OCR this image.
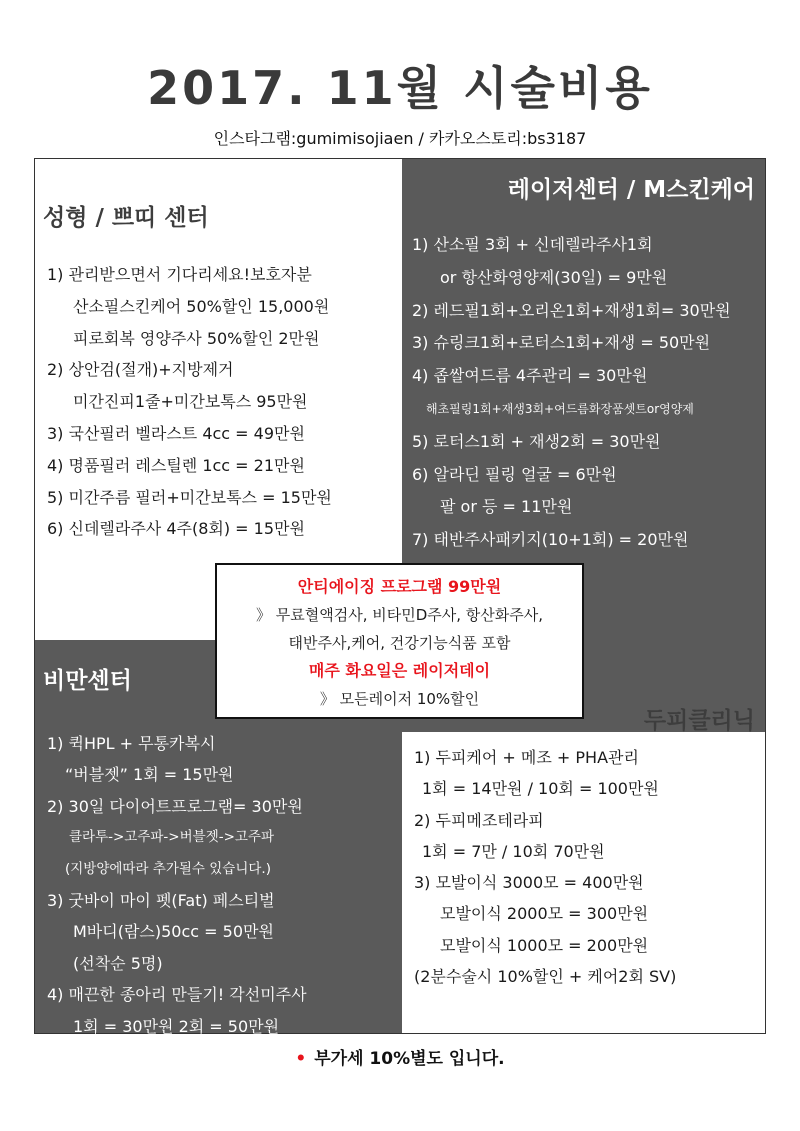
2017. 11월 시술비용
인스타그램:gumimisojiaen / 카카오스토리:bs3187
성형 / 쁘띠 센터
1) 관리받으면서 기다리세요!보호자분
산소필스킨케어 50%할인 15,000원
피로회복 영양주사 50%할인 2만원
2) 상안검(절개)+지방제거
미간진피1줄+미간보톡스 95만원
3) 국산필러 벨라스트 4cc = 49만원
4) 명품필러 레스틸렌 1cc = 21만원
5) 미간주름 필러+미간보톡스 = 15만원
6) 신데렐라주사 4주(8회) = 15만원
레이저센터 / M스킨케어
1) 산소필 3회 + 신데렐라주사1회
or 항산화영양제(30일) = 9만원
2) 레드필1회+오리온1회+재생1회= 30만원
3) 슈링크1회+로터스1회+재생 = 50만원
4) 좁쌀여드름 4주관리 = 30만원
해초필링1회+재생3회+여드름화장품셋트or영양제
5) 로터스1회 + 재생2회 = 30만원
6) 알라딘 필링 얼굴 = 6만원
팔 or 등 = 11만원
7) 태반주사패키지(10+1회) = 20만원
비만센터
1) 퀵HPL + 무통카복시
“버블젯” 1회 = 15만원
2) 30일 다이어트프로그램= 30만원
클라투->고주파->버블젯->고주파
(지방양에따라 추가될수 있습니다.)
3) 굿바이 마이 펫(Fat) 페스티벌
M바디(람스)50cc = 50만원
(선착순 5명)
4) 매끈한 종아리 만들기! 각선미주사
1회 = 30만원 2회 = 50만원
두피클리닉
1) 두피케어 + 메조 + PHA관리
1회 = 14만원 / 10회 = 100만원
2) 두피메조테라피
1회 = 7만 / 10회 70만원
3) 모발이식 3000모 = 400만원
모발이식 2000모 = 300만원
모발이식 1000모 = 200만원
(2분수술시 10%할인 + 케어2회 SV)
안티에이징 프로그램 99만원
》 무료혈액검사, 비타민D주사, 항산화주사,
태반주사,케어, 건강기능식품 포함
매주 화요일은 레이저데이
》 모든레이저 10%할인
• 부가세 10%별도 입니다.
